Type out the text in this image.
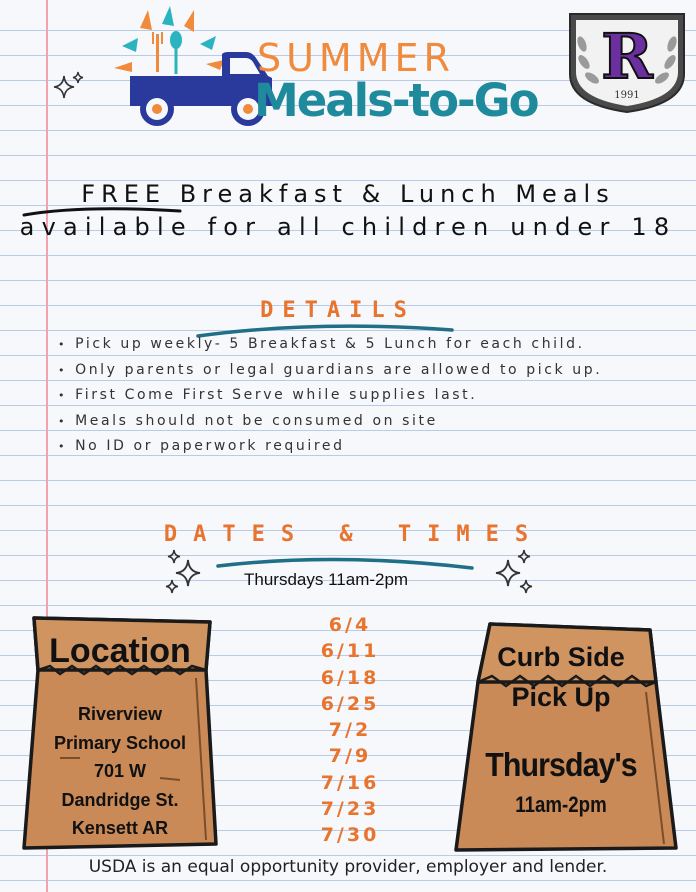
SUMMER
Meals-to-Go
R
1991
FREE Breakfast & Lunch Meals
available for all children under 18
DETAILS
• Pick up weekly- 5 Breakfast & 5 Lunch for each child.
• Only parents or legal guardians are allowed to pick up.
• First Come First Serve while supplies last.
• Meals should not be consumed on site
• No ID or paperwork required
DATES & TIMES
Thursdays 11am-2pm
6/4
6/11
6/18
6/25
7/2
7/9
7/16
7/23
7/30
Location
Riverview
Primary School
701 W
Dandridge St.
Kensett AR
Curb Side
Pick Up
Thursday's
11am-2pm
USDA is an equal opportunity provider, employer and lender.
